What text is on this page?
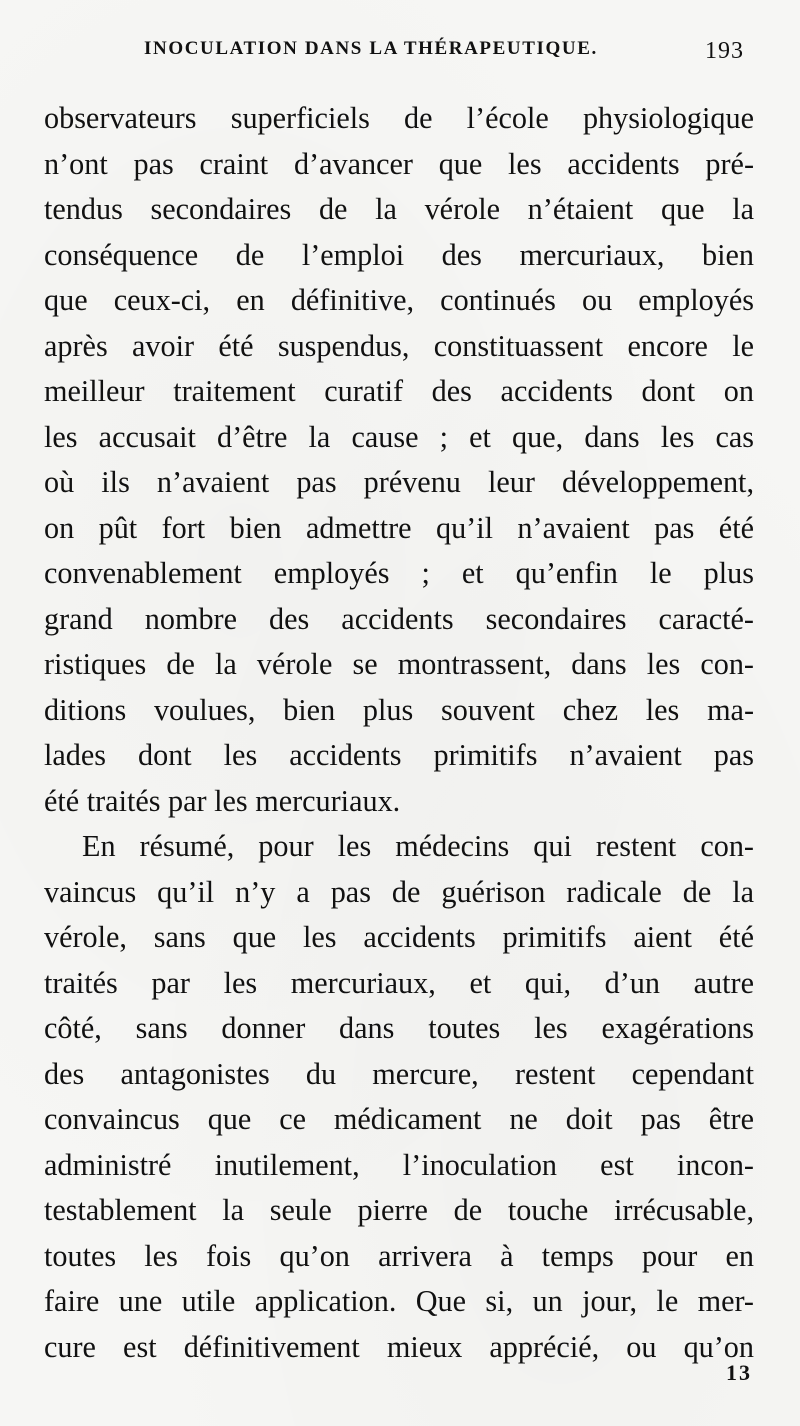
INOCULATION DANS LA THÉRAPEUTIQUE.	193
observateurs superficiels de l’école physiologique
n’ont pas craint d’avancer que les accidents pré-
tendus secondaires de la vérole n’étaient que la
conséquence de l’emploi des mercuriaux, bien
que ceux-ci, en définitive, continués ou employés
après avoir été suspendus, constituassent encore le
meilleur traitement curatif des accidents dont on
les accusait d’être la cause ; et que, dans les cas
où ils n’avaient pas prévenu leur développement,
on pût fort bien admettre qu’il n’avaient pas été
convenablement employés ; et qu’enfin le plus
grand nombre des accidents secondaires caracté-
ristiques de la vérole se montrassent, dans les con-
ditions voulues, bien plus souvent chez les ma-
lades dont les accidents primitifs n’avaient pas
été traités par les mercuriaux.
En résumé, pour les médecins qui restent con-
vaincus qu’il n’y a pas de guérison radicale de la
vérole, sans que les accidents primitifs aient été
traités par les mercuriaux, et qui, d’un autre
côté, sans donner dans toutes les exagérations
des antagonistes du mercure, restent cependant
convaincus que ce médicament ne doit pas être
administré inutilement, l’inoculation est incon-
testablement la seule pierre de touche irrécusable,
toutes les fois qu’on arrivera à temps pour en
faire une utile application. Que si, un jour, le mer-
cure est définitivement mieux apprécié, ou qu’on
13
